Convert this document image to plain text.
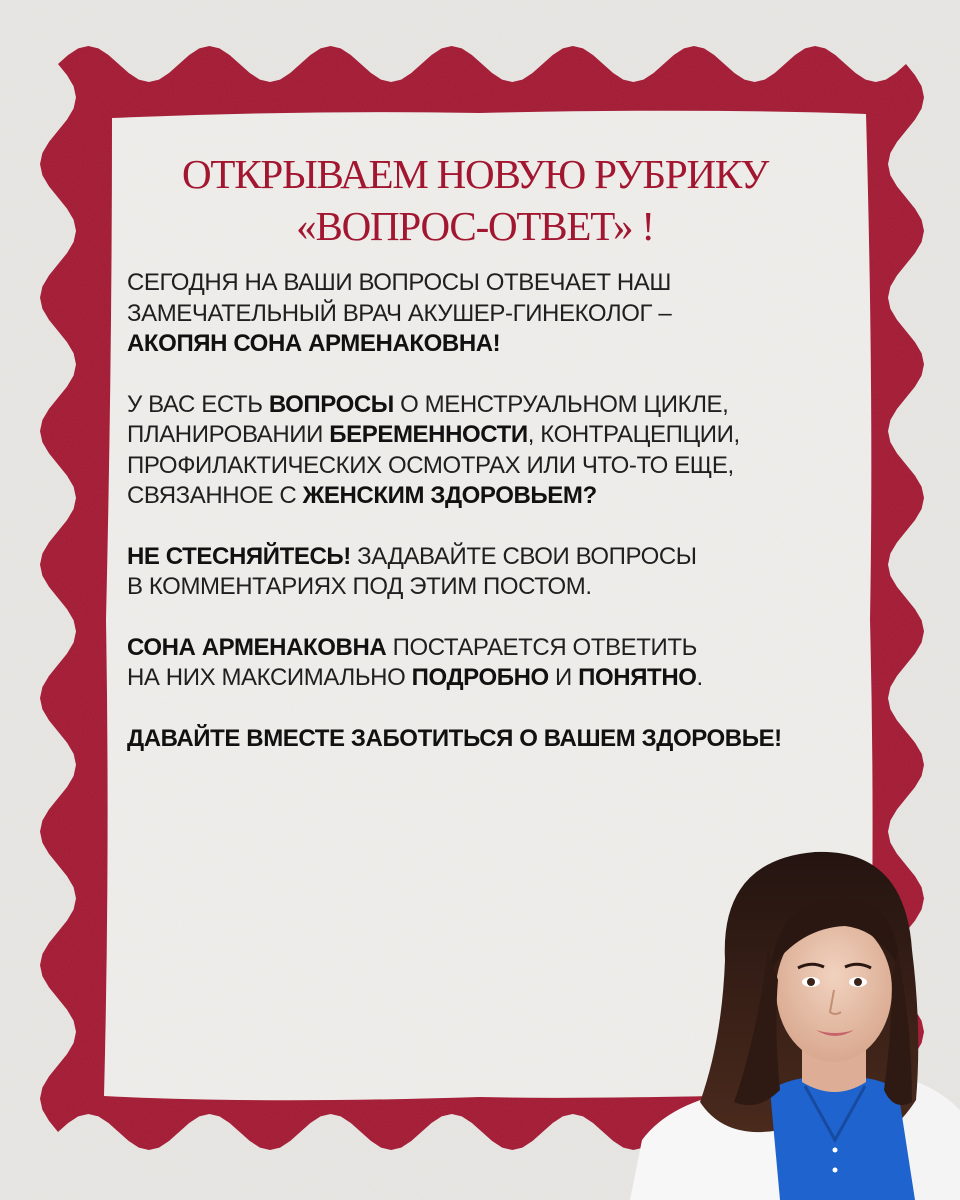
ОТКРЫВАЕМ НОВУЮ РУБРИКУ
«ВОПРОС-ОТВЕТ» !

СЕГОДНЯ НА ВАШИ ВОПРОСЫ ОТВЕЧАЕТ НАШ
ЗАМЕЧАТЕЛЬНЫЙ ВРАЧ АКУШЕР-ГИНЕКОЛОГ –
АКОПЯН СОНА АРМЕНАКОВНА!

У ВАС ЕСТЬ ВОПРОСЫ О МЕНСТРУАЛЬНОМ ЦИКЛЕ,
ПЛАНИРОВАНИИ БЕРЕМЕННОСТИ, КОНТРАЦЕПЦИИ,
ПРОФИЛАКТИЧЕСКИХ ОСМОТРАХ ИЛИ ЧТО-ТО ЕЩЕ,
СВЯЗАННОЕ С ЖЕНСКИМ ЗДОРОВЬЕМ?

НЕ СТЕСНЯЙТЕСЬ! ЗАДАВАЙТЕ СВОИ ВОПРОСЫ
В КОММЕНТАРИЯХ ПОД ЭТИМ ПОСТОМ.

СОНА АРМЕНАКОВНА ПОСТАРАЕТСЯ ОТВЕТИТЬ
НА НИХ МАКСИМАЛЬНО ПОДРОБНО И ПОНЯТНО.

ДАВАЙТЕ ВМЕСТЕ ЗАБОТИТЬСЯ О ВАШЕМ ЗДОРОВЬЕ!
